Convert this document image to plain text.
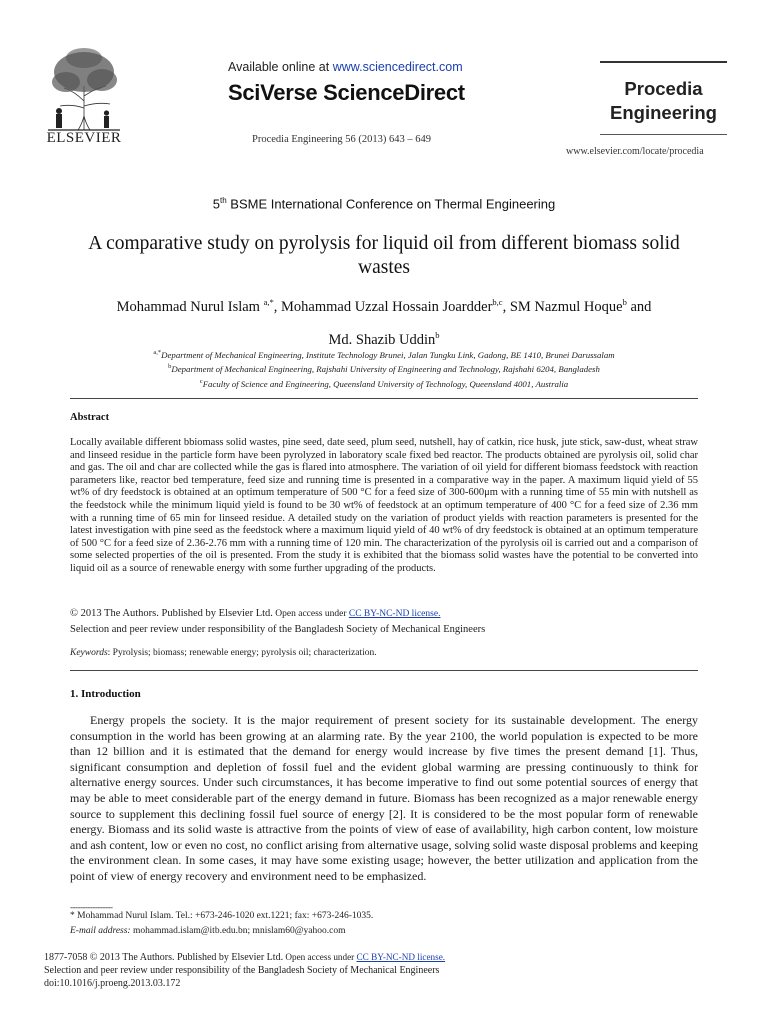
ELSEVIER
Available online at www.sciencedirect.com
SciVerse ScienceDirect
Procedia Engineering 56 (2013) 643 – 649
Procedia
Engineering
www.elsevier.com/locate/procedia
5th BSME International Conference on Thermal Engineering
A comparative study on pyrolysis for liquid oil from different biomass solid wastes
Mohammad Nurul Islam $^{a,*}$, Mohammad Uzzal Hossain Joardder$^{b,c}$, SM Nazmul Hoque$^b$ and
Md. Shazib Uddin$^b$
$^{a,*}$Department of Mechanical Engineering, Institute Technology Brunei, Jalan Tungku Link, Gadong, BE 1410, Brunei Darussalam
$^b$Department of Mechanical Engineering, Rajshahi University of Engineering and Technology, Rajshahi 6204, Bangladesh
$^c$Faculty of Science and Engineering, Queensland University of Technology, Queensland 4001, Australia
Abstract
Locally available different bbiomass solid wastes, pine seed, date seed, plum seed, nutshell, hay of catkin, rice husk, jute stick, saw-dust, wheat straw and linseed residue in the particle form have been pyrolyzed in laboratory scale fixed bed reactor. The products obtained are pyrolysis oil, solid char and gas. The oil and char are collected while the gas is flared into atmosphere. The variation of oil yield for different biomass feedstock with reaction parameters like, reactor bed temperature, feed size and running time is presented in a comparative way in the paper. A maximum liquid yield of 55 wt% of dry feedstock is obtained at an optimum temperature of 500 °C for a feed size of 300-600μm with a running time of 55 min with nutshell as the feedstock while the minimum liquid yield is found to be 30 wt% of feedstock at an optimum temperature of 400 °C for a feed size of 2.36 mm with a running time of 65 min for linseed residue. A detailed study on the variation of product yields with reaction parameters is presented for the latest investigation with pine seed as the feedstock where a maximum liquid yield of 40 wt% of dry feedstock is obtained at an optimum temperature of 500 °C for a feed size of 2.36-2.76 mm with a running time of 120 min. The characterization of the pyrolysis oil is carried out and a comparison of some selected properties of the oil is presented. From the study it is exhibited that the biomass solid wastes have the potential to be converted into liquid oil as a source of renewable energy with some further upgrading of the products.
© 2013 The Authors. Published by Elsevier Ltd. Open access under CC BY-NC-ND license.
Selection and peer review under responsibility of the Bangladesh Society of Mechanical Engineers
Keywords: Pyrolysis; biomass; renewable energy; pyrolysis oil; characterization.
1. Introduction

Energy propels the society. It is the major requirement of present society for its sustainable development. The energy consumption in the world has been growing at an alarming rate. By the year 2100, the world population is expected to be more than 12 billion and it is estimated that the demand for energy would increase by five times the present demand [1]. Thus, significant consumption and depletion of fossil fuel and the evident global warming are pressing continuously to think for alternative energy sources. Under such circumstances, it has become imperative to find out some potential sources of energy that may be able to meet considerable part of the energy demand in future. Biomass has been recognized as a major renewable energy source to supplement this declining fossil fuel source of energy [2]. It is considered to be the most popular form of renewable energy. Biomass and its solid waste is attractive from the points of view of ease of availability, high carbon content, low moisture and ash content, low or even no cost, no conflict arising from alternative usage, solving solid waste disposal problems and keeping the environment clean. In some cases, it may have some existing usage; however, the better utilization and application from the point of view of energy recovery and environment need to be emphasized.

-----------------
* Mohammad Nurul Islam. Tel.: +673-246-1020 ext.1221; fax: +673-246-1035.
E-mail address: mohammad.islam@itb.edu.bn; mnislam60@yahoo.com
1877-7058 © 2013 The Authors. Published by Elsevier Ltd. Open access under CC BY-NC-ND license.
Selection and peer review under responsibility of the Bangladesh Society of Mechanical Engineers
doi:10.1016/j.proeng.2013.03.172
